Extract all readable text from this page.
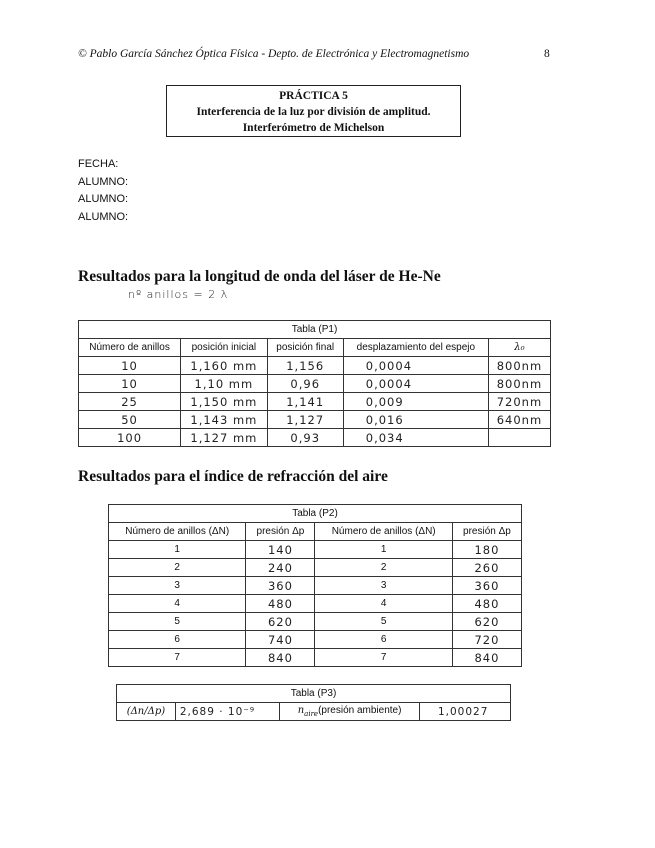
© Pablo García Sánchez Óptica Física - Depto. de Electrónica y Electromagnetismo	8
PRÁCTICA 5
Interferencia de la luz por división de amplitud.
Interferómetro de Michelson
FECHA:
ALUMNO:
ALUMNO:
ALUMNO:
Resultados para la longitud de onda del láser de He-Ne
nº anillos = 2 λ
Tabla (P1)				
Número de anillos	posición inicial	posición final	desplazamiento del espejo	λ₀
10	1,160 mm	1,156	0,0004	800nm
10	1,10 mm	0,96	0,0004	800nm
25	1,150 mm	1,141	0,009	720nm
50	1,143 mm	1,127	0,016	640nm
100	1,127 mm	0,93	0,034	
Resultados para el índice de refracción del aire
Tabla (P2)			
Número de anillos (ΔN)	presión Δp	Número de anillos (ΔN)	presión Δp
1	140	1	180
2	240	2	260
3	360	3	360
4	480	4	480
5	620	5	620
6	740	6	720
7	840	7	840
Tabla (P3)
(Δn/Δp)	2,689 · 10⁻⁹	$n_{aire}(presión$ ambiente)	1,00027
